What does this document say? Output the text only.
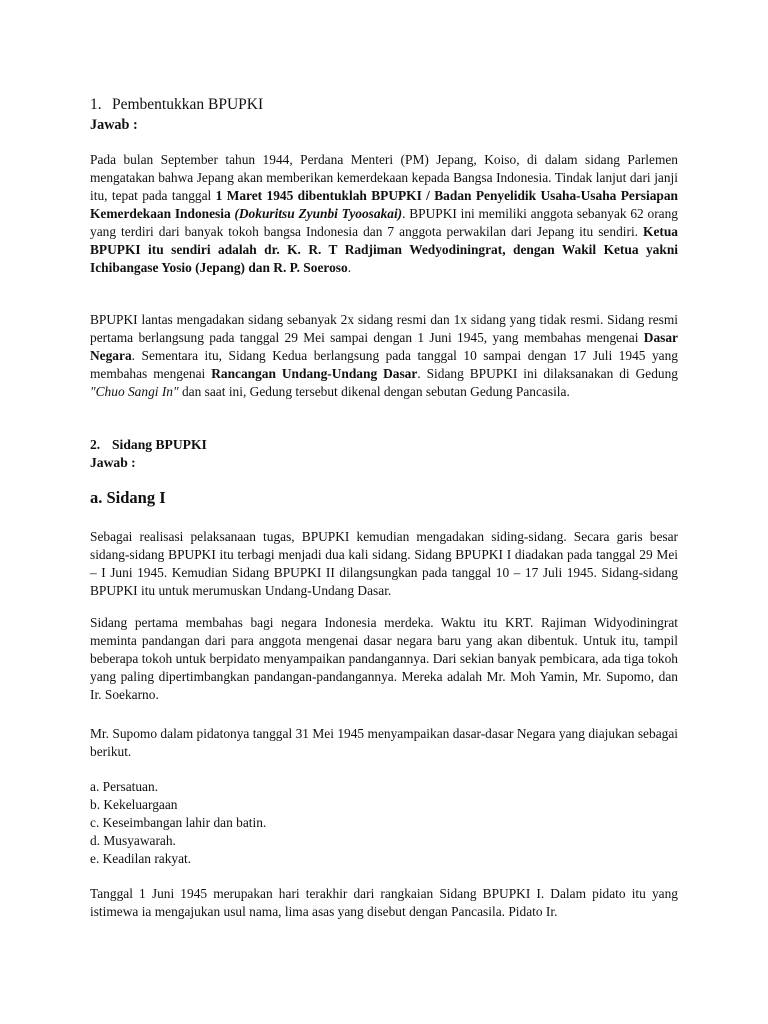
1. Pembentukkan BPUPKI

Jawab :

Pada bulan September tahun 1944, Perdana Menteri (PM) Jepang, Koiso, di dalam sidang Parlemen mengatakan bahwa Jepang akan memberikan kemerdekaan kepada Bangsa Indonesia. Tindak lanjut dari janji itu, tepat pada tanggal 1 Maret 1945 dibentuklah BPUPKI / Badan Penyelidik Usaha-Usaha Persiapan Kemerdekaan Indonesia (Dokuritsu Zyunbi Tyoosakai). BPUPKI ini memiliki anggota sebanyak 62 orang yang terdiri dari banyak tokoh bangsa Indonesia dan 7 anggota perwakilan dari Jepang itu sendiri. Ketua BPUPKI itu sendiri adalah dr. K. R. T Radjiman Wedyodiningrat, dengan Wakil Ketua yakni Ichibangase Yosio (Jepang) dan R. P. Soeroso.

BPUPKI lantas mengadakan sidang sebanyak 2x sidang resmi dan 1x sidang yang tidak resmi. Sidang resmi pertama berlangsung pada tanggal 29 Mei sampai dengan 1 Juni 1945, yang membahas mengenai Dasar Negara. Sementara itu, Sidang Kedua berlangsung pada tanggal 10 sampai dengan 17 Juli 1945 yang membahas mengenai Rancangan Undang-Undang Dasar. Sidang BPUPKI ini dilaksanakan di Gedung "Chuo Sangi In" dan saat ini, Gedung tersebut dikenal dengan sebutan Gedung Pancasila.

2. Sidang BPUPKI

Jawab :

a. Sidang I

Sebagai realisasi pelaksanaan tugas, BPUPKI kemudian mengadakan siding-sidang. Secara garis besar sidang-sidang BPUPKI itu terbagi menjadi dua kali sidang. Sidang BPUPKI I diadakan pada tanggal 29 Mei – I Juni 1945. Kemudian Sidang BPUPKI II dilangsungkan pada tanggal 10 – 17 Juli 1945. Sidang-sidang BPUPKI itu untuk merumuskan Undang-Undang Dasar.

Sidang pertama membahas bagi negara Indonesia merdeka. Waktu itu KRT. Rajiman Widyodiningrat meminta pandangan dari para anggota mengenai dasar negara baru yang akan dibentuk. Untuk itu, tampil beberapa tokoh untuk berpidato menyampaikan pandangannya. Dari sekian banyak pembicara, ada tiga tokoh yang paling dipertimbangkan pandangan-pandangannya. Mereka adalah Mr. Moh Yamin, Mr. Supomo, dan Ir. Soekarno.

Mr. Supomo dalam pidatonya tanggal 31 Mei 1945 menyampaikan dasar-dasar Negara yang diajukan sebagai berikut.

a. Persatuan.
b. Kekeluargaan
c. Keseimbangan lahir dan batin.
d. Musyawarah.
e. Keadilan rakyat.

Tanggal 1 Juni 1945 merupakan hari terakhir dari rangkaian Sidang BPUPKI I. Dalam pidato itu yang istimewa ia mengajukan usul nama, lima asas yang disebut dengan Pancasila. Pidato Ir.
